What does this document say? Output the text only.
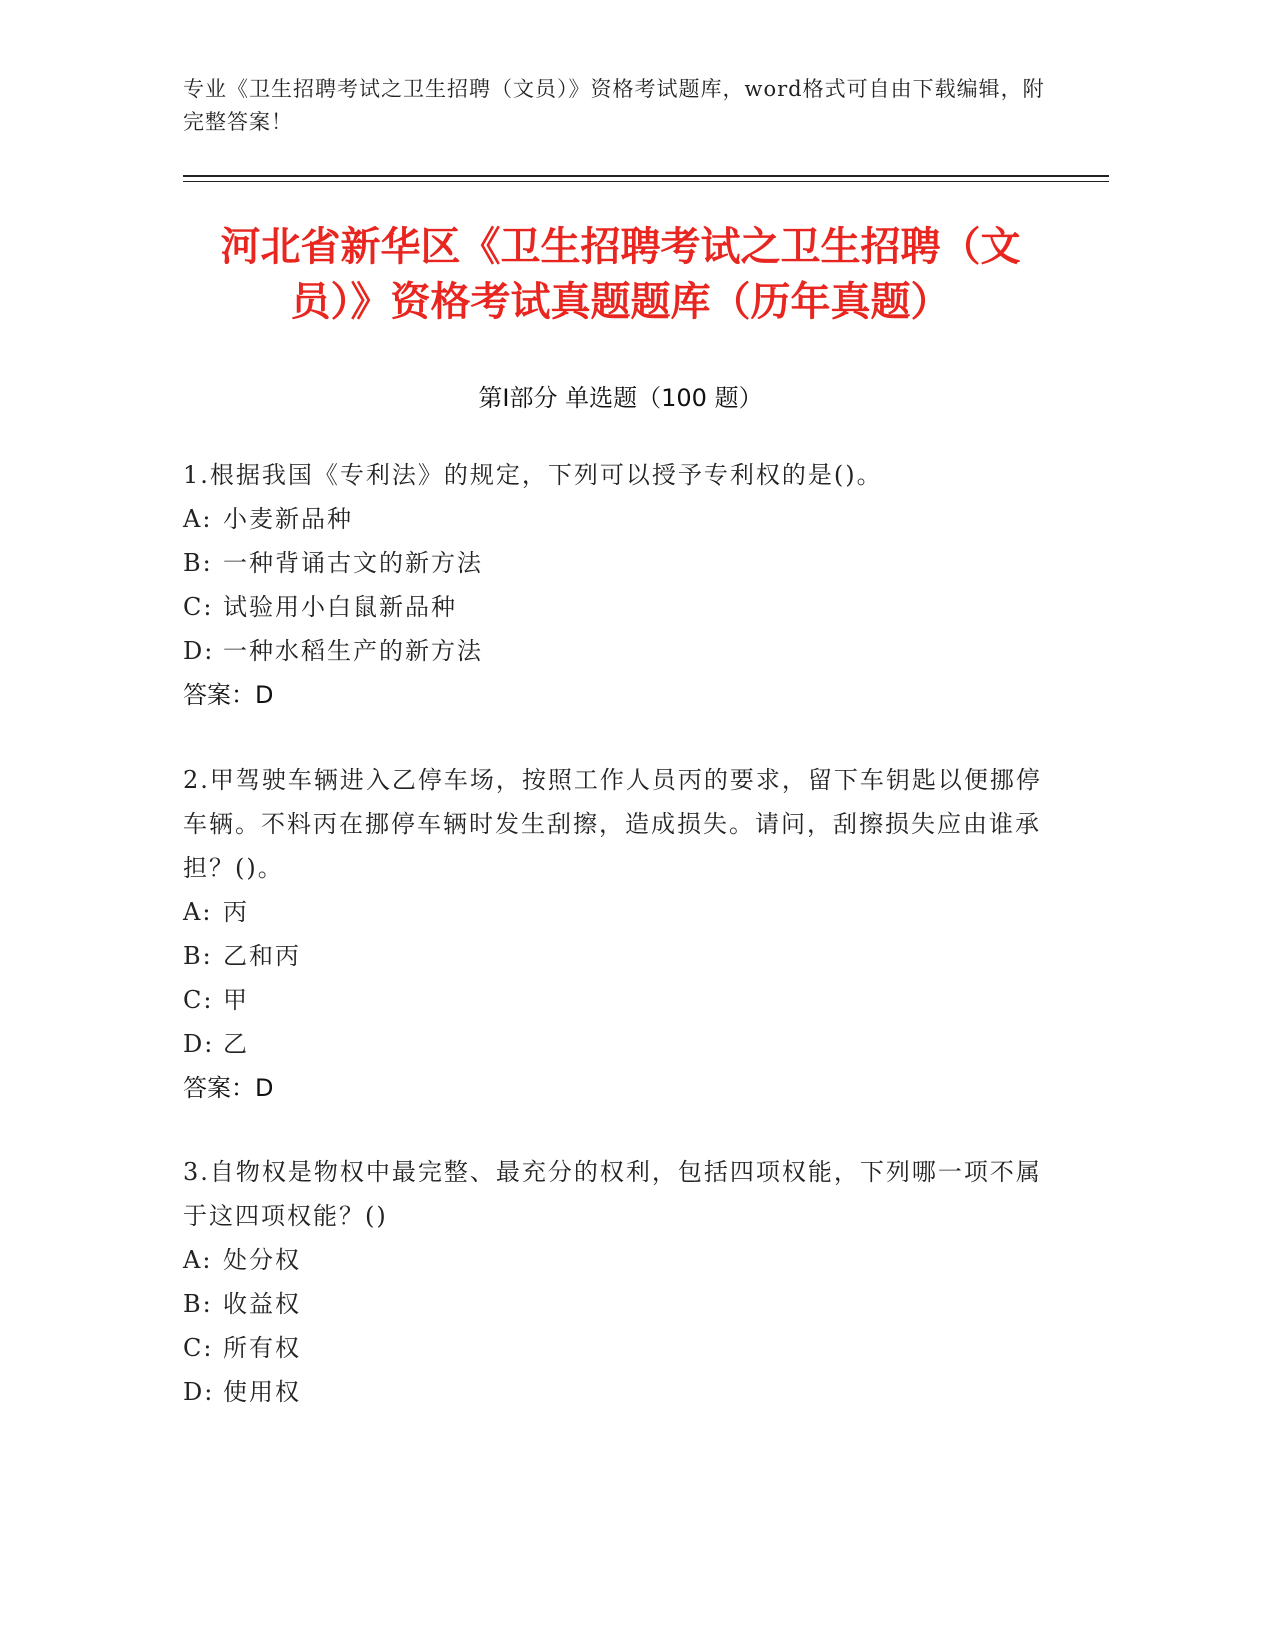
专业《卫生招聘考试之卫生招聘（文员）》资格考试题库，word格式可自由下载编辑，附完整答案！
河北省新华区《卫生招聘考试之卫生招聘（文员）》资格考试真题题库（历年真题）
第Ⅰ部分 单选题（100 题）

1.根据我国《专利法》的规定，下列可以授予专利权的是()。

A: 小麦新品种

B: 一种背诵古文的新方法

C: 试验用小白鼠新品种

D: 一种水稻生产的新方法

答案：D

2.甲驾驶车辆进入乙停车场，按照工作人员丙的要求，留下车钥匙以便挪停车辆。不料丙在挪停车辆时发生刮擦，造成损失。请问，刮擦损失应由谁承担？()。

A: 丙

B: 乙和丙

C: 甲

D: 乙

答案：D

3.自物权是物权中最完整、最充分的权利，包括四项权能，下列哪一项不属于这四项权能？()

A: 处分权

B: 收益权

C: 所有权

D: 使用权
